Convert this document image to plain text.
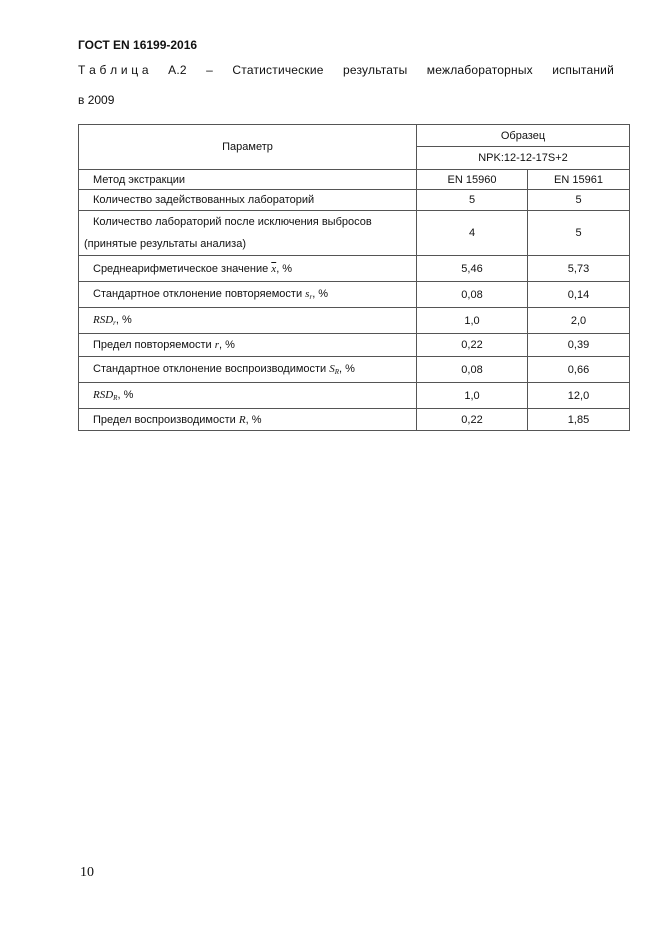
ГОСТ EN 16199-2016
Т а б л и ц а А.2 – Статистические результаты межлабораторных испытаний
в 2009
Параметр	Образец	
	NPK:12-12-17S+2	
Метод экстракции	EN 15960	EN 15961
Количество задействованных лабораторий	5	5

Количество лабораторий после исключения выбросов
(принятые результаты анализа)	4	5
Среднеарифметическое значение $\overline{x}$, %	5,46	5,73
Стандартное отклонение повторяемости $s_r$, %	0,08	0,14
$RSD_r$, %	1,0	2,0
Предел повторяемости r, %	0,22	0,39
Стандартное отклонение воспроизводимости $S_R$, %	0,08	0,66
$RSD_R$, %	1,0	12,0
Предел воспроизводимости R, %	0,22	1,85
10
